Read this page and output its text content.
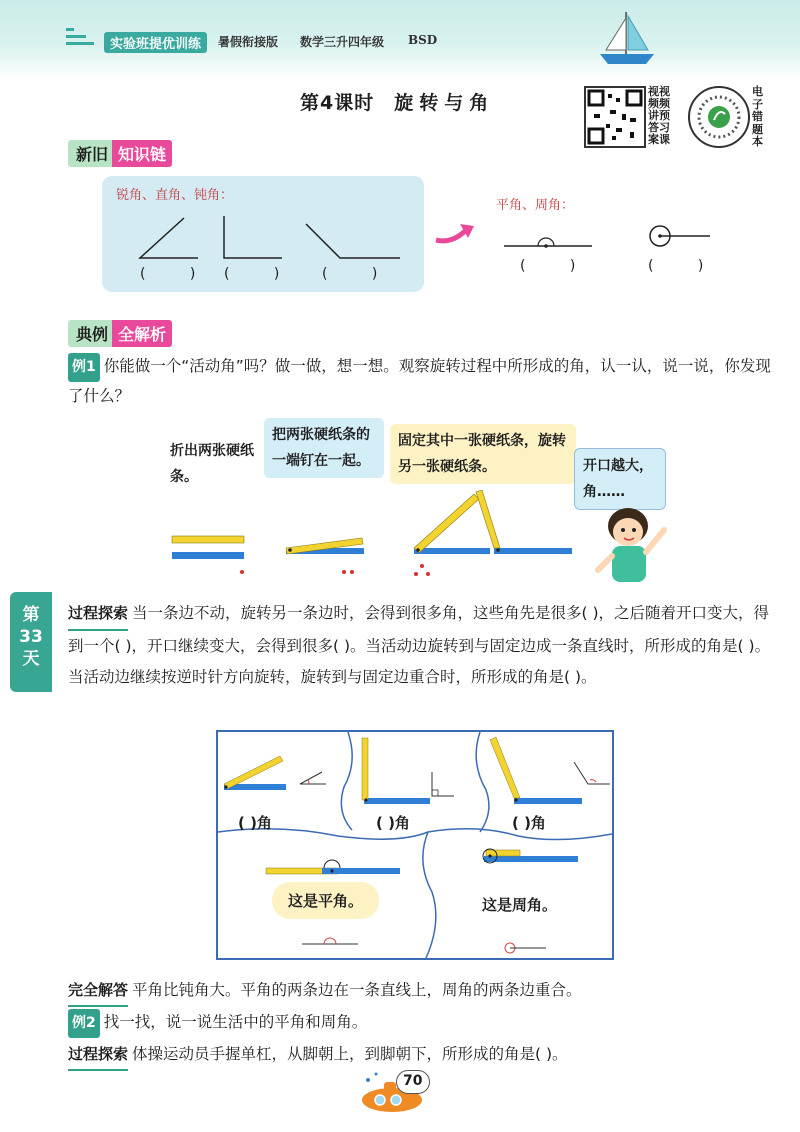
实验班提优训练	暑假衔接版 数学三升四年级 BSD
第4课时 旋转与角
视频讲答案
视频预习课
电子错题本
新旧 知识链
锐角、直角、钝角：
( ) ( ) ( )
平角、周角：
( )	( )
典例 全解析
例1 你能做一个“活动角”吗？做一做，想一想。观察旋转过程中所形成的角，认一认，说一说，你发现了什么？
折出两张硬纸条。
把两张硬纸条的一端钉在一起。
固定其中一张硬纸条，旋转另一张硬纸条。	开口越大，角……
第
33
天
过程探索 当一条边不动，旋转另一条边时，会得到很多角，这些角先是很多( )，之后随着开口变大，得到一个( )，开口继续变大，会得到很多( )。当活动边旋转到与固定边成一条直线时，所形成的角是( )。当活动边继续按逆时针方向旋转，旋转到与固定边重合时，所形成的角是( )。
( )角	( )角	( )角
这是平角。	这是周角。
完全解答 平角比钝角大。平角的两条边在一条直线上，周角的两条边重合。
例2 找一找，说一说生活中的平角和周角。
过程探索 体操运动员手握单杠，从脚朝上，到脚朝下，所形成的角是( )。
70
